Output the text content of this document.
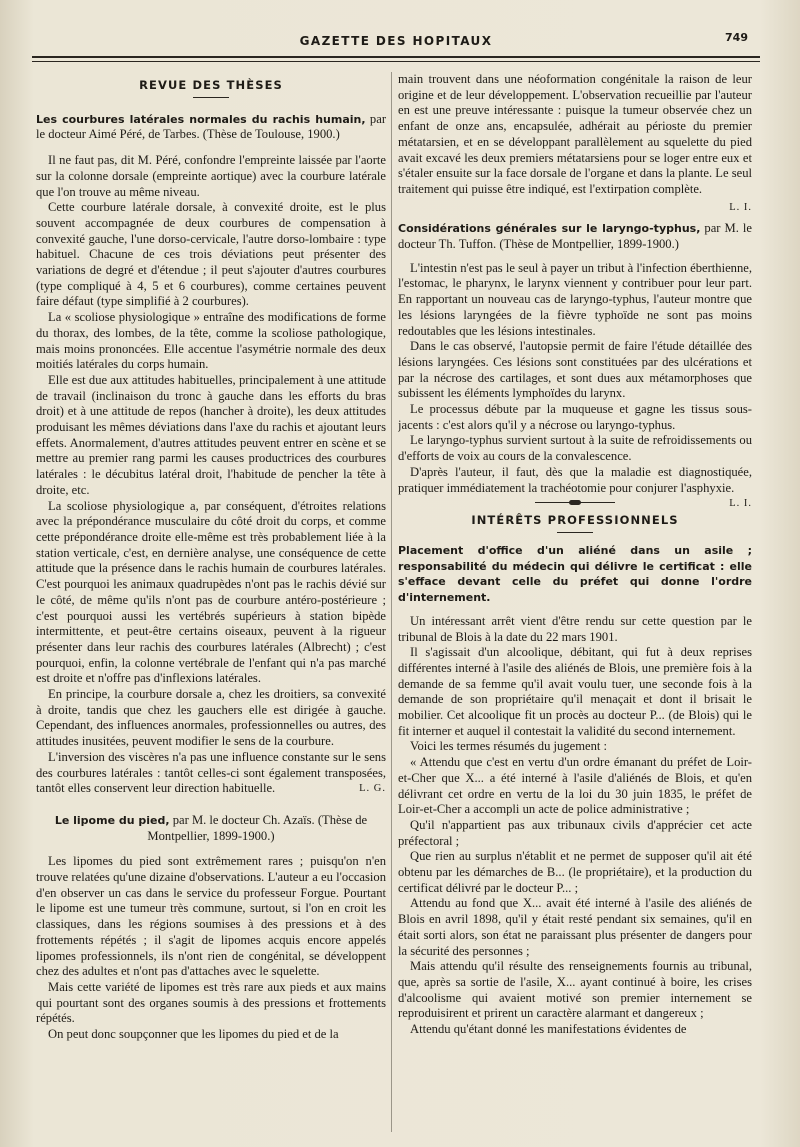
GAZETTE DES HOPITAUX	749
REVUE DES THÈSES
Les courbures latérales normales du rachis humain, par le docteur Aimé Péré, de Tarbes. (Thèse de Toulouse, 1900.)

Il ne faut pas, dit M. Péré, confondre l'empreinte laissée par l'aorte sur la colonne dorsale (empreinte aortique) avec la courbure latérale que l'on trouve au même niveau.

Cette courbure latérale dorsale, à convexité droite, est le plus souvent accompagnée de deux courbures de compensation à convexité gauche, l'une dorso-cervicale, l'autre dorso-lombaire : type habituel. Chacune de ces trois déviations peut présenter des variations de degré et d'étendue ; il peut s'ajouter d'autres courbures (type compliqué à 4, 5 et 6 courbures), comme certaines peuvent faire défaut (type simplifié à 2 courbures).

La « scoliose physiologique » entraîne des modifications de forme du thorax, des lombes, de la tête, comme la scoliose pathologique, mais moins prononcées. Elle accentue l'asymétrie normale des deux moitiés latérales du corps humain.

Elle est due aux attitudes habituelles, principalement à une attitude de travail (inclinaison du tronc à gauche dans les efforts du bras droit) et à une attitude de repos (hancher à droite), les deux attitudes produisant les mêmes déviations dans l'axe du rachis et ajoutant leurs effets. Anormalement, d'autres attitudes peuvent entrer en scène et se mettre au premier rang parmi les causes productrices des courbures latérales : le décubitus latéral droit, l'habitude de pencher la tête à droite, etc.

La scoliose physiologique a, par conséquent, d'étroites relations avec la prépondérance musculaire du côté droit du corps, et comme cette prépondérance droite elle-même est très probablement liée à la station verticale, c'est, en dernière analyse, une conséquence de cette attitude que la présence dans le rachis humain de courbures latérales. C'est pourquoi les animaux quadrupèdes n'ont pas le rachis dévié sur le côté, de même qu'ils n'ont pas de courbure antéro-postérieure ; c'est pourquoi aussi les vertébrés supérieurs à station bipède intermittente, et peut-être certains oiseaux, peuvent à la rigueur présenter dans leur rachis des courbures latérales (Albrecht) ; c'est pourquoi, enfin, la colonne vertébrale de l'enfant qui n'a pas marché est droite et n'offre pas d'inflexions latérales.

En principe, la courbure dorsale a, chez les droitiers, sa convexité à droite, tandis que chez les gauchers elle est dirigée à gauche. Cependant, des influences anormales, professionnelles ou autres, des attitudes inusitées, peuvent modifier le sens de la courbure.

L'inversion des viscères n'a pas une influence constante sur le sens des courbures latérales : tantôt celles-ci sont également transposées, tantôt elles conservent leur direction habituelle.	L. G.

Le lipome du pied, par M. le docteur Ch. Azaïs. (Thèse de Montpellier, 1899-1900.)

Les lipomes du pied sont extrêmement rares ; puisqu'on n'en trouve relatées qu'une dizaine d'observations. L'auteur a eu l'occasion d'en observer un cas dans le service du professeur Forgue. Pourtant le lipome est une tumeur très commune, surtout, si l'on en croit les classiques, dans les régions soumises à des pressions et à des frottements répétés ; il s'agit de lipomes acquis encore appelés lipomes professionnels, ils n'ont rien de congénital, se développent chez des adultes et n'ont pas d'attaches avec le squelette.

Mais cette variété de lipomes est très rare aux pieds et aux mains qui pourtant sont des organes soumis à des pressions et frottements répétés.

On peut donc soupçonner que les lipomes du pied et de la

main trouvent dans une néoformation congénitale la raison de leur origine et de leur développement. L'observation recueillie par l'auteur en est une preuve intéressante : puisque la tumeur observée chez un enfant de onze ans, encapsulée, adhérait au périoste du premier métatarsien, et en se développant parallèlement au squelette du pied avait excavé les deux premiers métatarsiens pour se loger entre eux et s'étaler ensuite sur la face dorsale de l'organe et dans la plante. Le seul traitement qui puisse être indiqué, est l'extirpation complète.

L. I.
Considérations générales sur le laryngo-typhus, par M. le docteur Th. Tuffon. (Thèse de Montpellier, 1899-1900.)

L'intestin n'est pas le seul à payer un tribut à l'infection éberthienne, l'estomac, le pharynx, le larynx viennent y contribuer pour leur part. En rapportant un nouveau cas de laryngo-typhus, l'auteur montre que les lésions laryngées de la fièvre typhoïde ne sont pas moins redoutables que les lésions intestinales.

Dans le cas observé, l'autopsie permit de faire l'étude détaillée des lésions laryngées. Ces lésions sont constituées par des ulcérations et par la nécrose des cartilages, et sont dues aux métamorphoses que subissent les éléments lymphoïdes du larynx.

Le processus débute par la muqueuse et gagne les tissus sous-jacents : c'est alors qu'il y a nécrose ou laryngo-typhus.

Le laryngo-typhus survient surtout à la suite de refroidissements ou d'efforts de voix au cours de la convalescence.

D'après l'auteur, il faut, dès que la maladie est diagnostiquée, pratiquer immédiatement la trachéotomie pour conjurer l'asphyxie.
L. I.

INTÉRÊTS PROFESSIONNELS
Placement d'office d'un aliéné dans un asile ; responsabilité du médecin qui délivre le certificat : elle s'efface devant celle du préfet qui donne l'ordre d'internement.

Un intéressant arrêt vient d'être rendu sur cette question par le tribunal de Blois à la date du 22 mars 1901.

Il s'agissait d'un alcoolique, débitant, qui fut à deux reprises différentes interné à l'asile des aliénés de Blois, une première fois à la demande de sa femme qu'il avait voulu tuer, une seconde fois à la demande de son propriétaire qu'il menaçait et dont il brisait le mobilier. Cet alcoolique fit un procès au docteur P... (de Blois) qui le fit interner et auquel il contestait la validité du second internement.

Voici les termes résumés du jugement :

« Attendu que c'est en vertu d'un ordre émanant du préfet de Loir-et-Cher que X... a été interné à l'asile d'aliénés de Blois, et qu'en délivrant cet ordre en vertu de la loi du 30 juin 1835, le préfet de Loir-et-Cher a accompli un acte de police administrative ;

Qu'il n'appartient pas aux tribunaux civils d'apprécier cet acte préfectoral ;

Que rien au surplus n'établit et ne permet de supposer qu'il ait été obtenu par les démarches de B... (le propriétaire), et la production du certificat délivré par le docteur P... ;

Attendu au fond que X... avait été interné à l'asile des aliénés de Blois en avril 1898, qu'il y était resté pendant six semaines, qu'il en était sorti alors, son état ne paraissant plus présenter de dangers pour la sécurité des personnes ;

Mais attendu qu'il résulte des renseignements fournis au tribunal, que, après sa sortie de l'asile, X... ayant continué à boire, les crises d'alcoolisme qui avaient motivé son premier internement se reproduisirent et prirent un caractère alarmant et dangereux ;

Attendu qu'étant donné les manifestations évidentes de
